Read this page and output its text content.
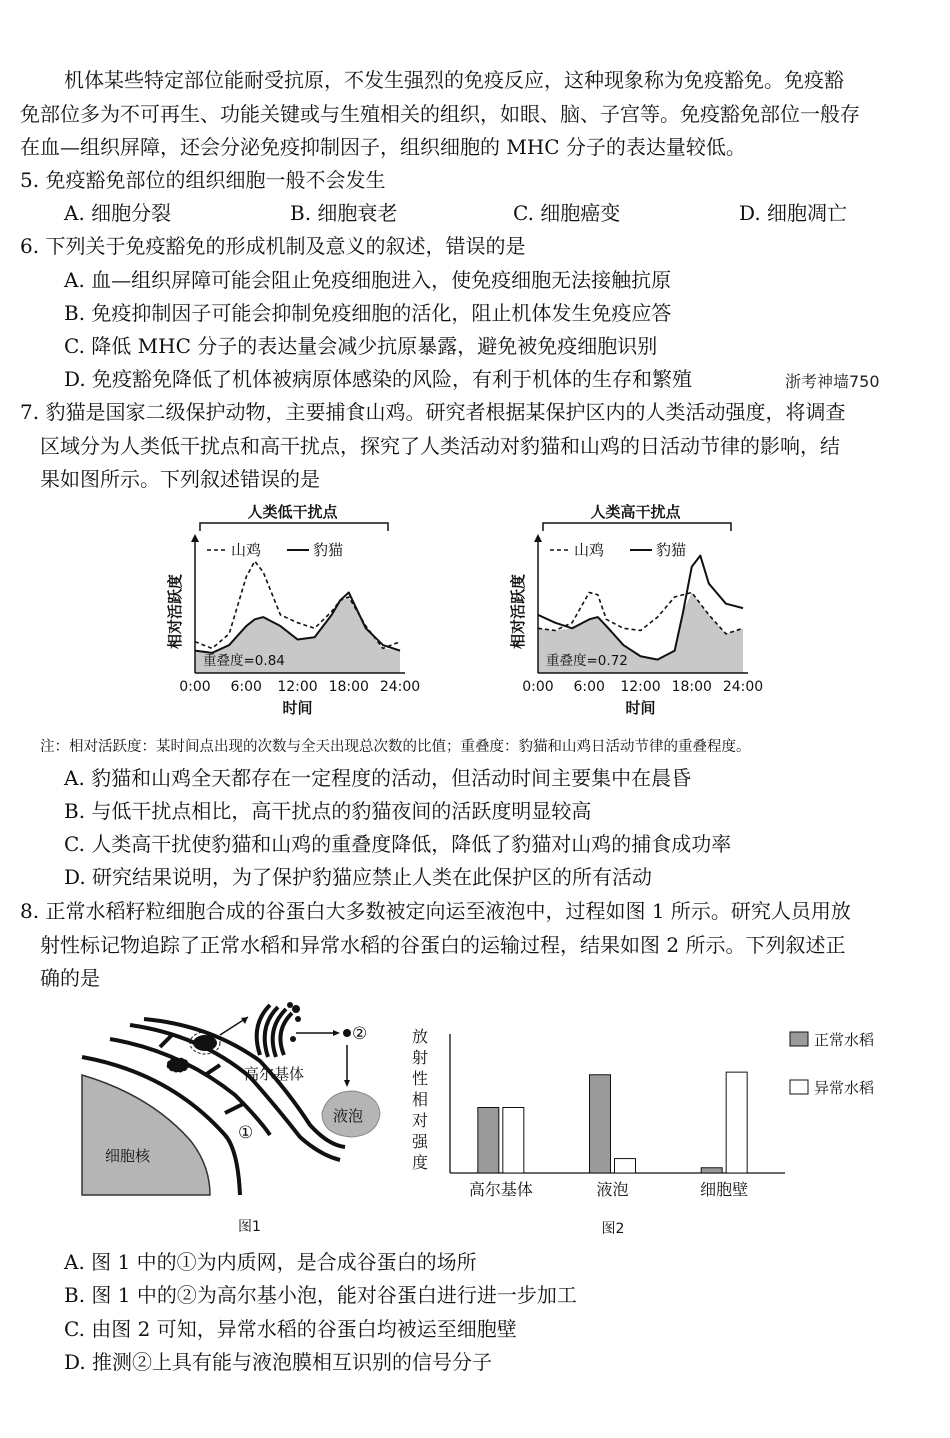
机体某些特定部位能耐受抗原，不发生强烈的免疫反应，这种现象称为免疫豁免。免疫豁
免部位多为不可再生、功能关键或与生殖相关的组织，如眼、脑、子宫等。免疫豁免部位一般存
在血—组织屏障，还会分泌免疫抑制因子，组织细胞的 MHC 分子的表达量较低。
5. 免疫豁免部位的组织细胞一般不会发生
A. 细胞分裂	B. 细胞衰老	C. 细胞癌变	D. 细胞凋亡
6. 下列关于免疫豁免的形成机制及意义的叙述，错误的是
A. 血—组织屏障可能会阻止免疫细胞进入，使免疫细胞无法接触抗原
B. 免疫抑制因子可能会抑制免疫细胞的活化，阻止机体发生免疫应答
C. 降低 MHC 分子的表达量会减少抗原暴露，避免被免疫细胞识别
D. 免疫豁免降低了机体被病原体感染的风险，有利于机体的生存和繁殖	浙考神墙750
7. 豹猫是国家二级保护动物，主要捕食山鸡。研究者根据某保护区内的人类活动强度，将调查
区域分为人类低干扰点和高干扰点，探究了人类活动对豹猫和山鸡的日活动节律的影响，结
果如图所示。下列叙述错误的是
人类低干扰点
0:00 6:00 12:00 18:00 24:00
时间
相对活跃度
山鸡	豹猫
重叠度=0.84
人类高干扰点
0:00 6:00 12:00 18:00 24:00
时间
相对活跃度
山鸡	豹猫
重叠度=0.72
注：相对活跃度：某时间点出现的次数与全天出现总次数的比值；重叠度：豹猫和山鸡日活动节律的重叠程度。
A. 豹猫和山鸡全天都存在一定程度的活动，但活动时间主要集中在晨昏
B. 与低干扰点相比，高干扰点的豹猫夜间的活跃度明显较高
C. 人类高干扰使豹猫和山鸡的重叠度降低，降低了豹猫对山鸡的捕食成功率
D. 研究结果说明，为了保护豹猫应禁止人类在此保护区的所有活动
8. 正常水稻籽粒细胞合成的谷蛋白大多数被定向运至液泡中，过程如图 1 所示。研究人员用放
射性标记物追踪了正常水稻和异常水稻的谷蛋白的运输过程，结果如图 2 所示。下列叙述正
确的是
高尔基体
液泡
细胞核
①
②
图1
放
射
性
相
对
强
度
高尔基体	液泡	细胞壁
正常水稻
异常水稻
图2
A. 图 1 中的①为内质网，是合成谷蛋白的场所
B. 图 1 中的②为高尔基小泡，能对谷蛋白进行进一步加工
C. 由图 2 可知，异常水稻的谷蛋白均被运至细胞壁
D. 推测②上具有能与液泡膜相互识别的信号分子
